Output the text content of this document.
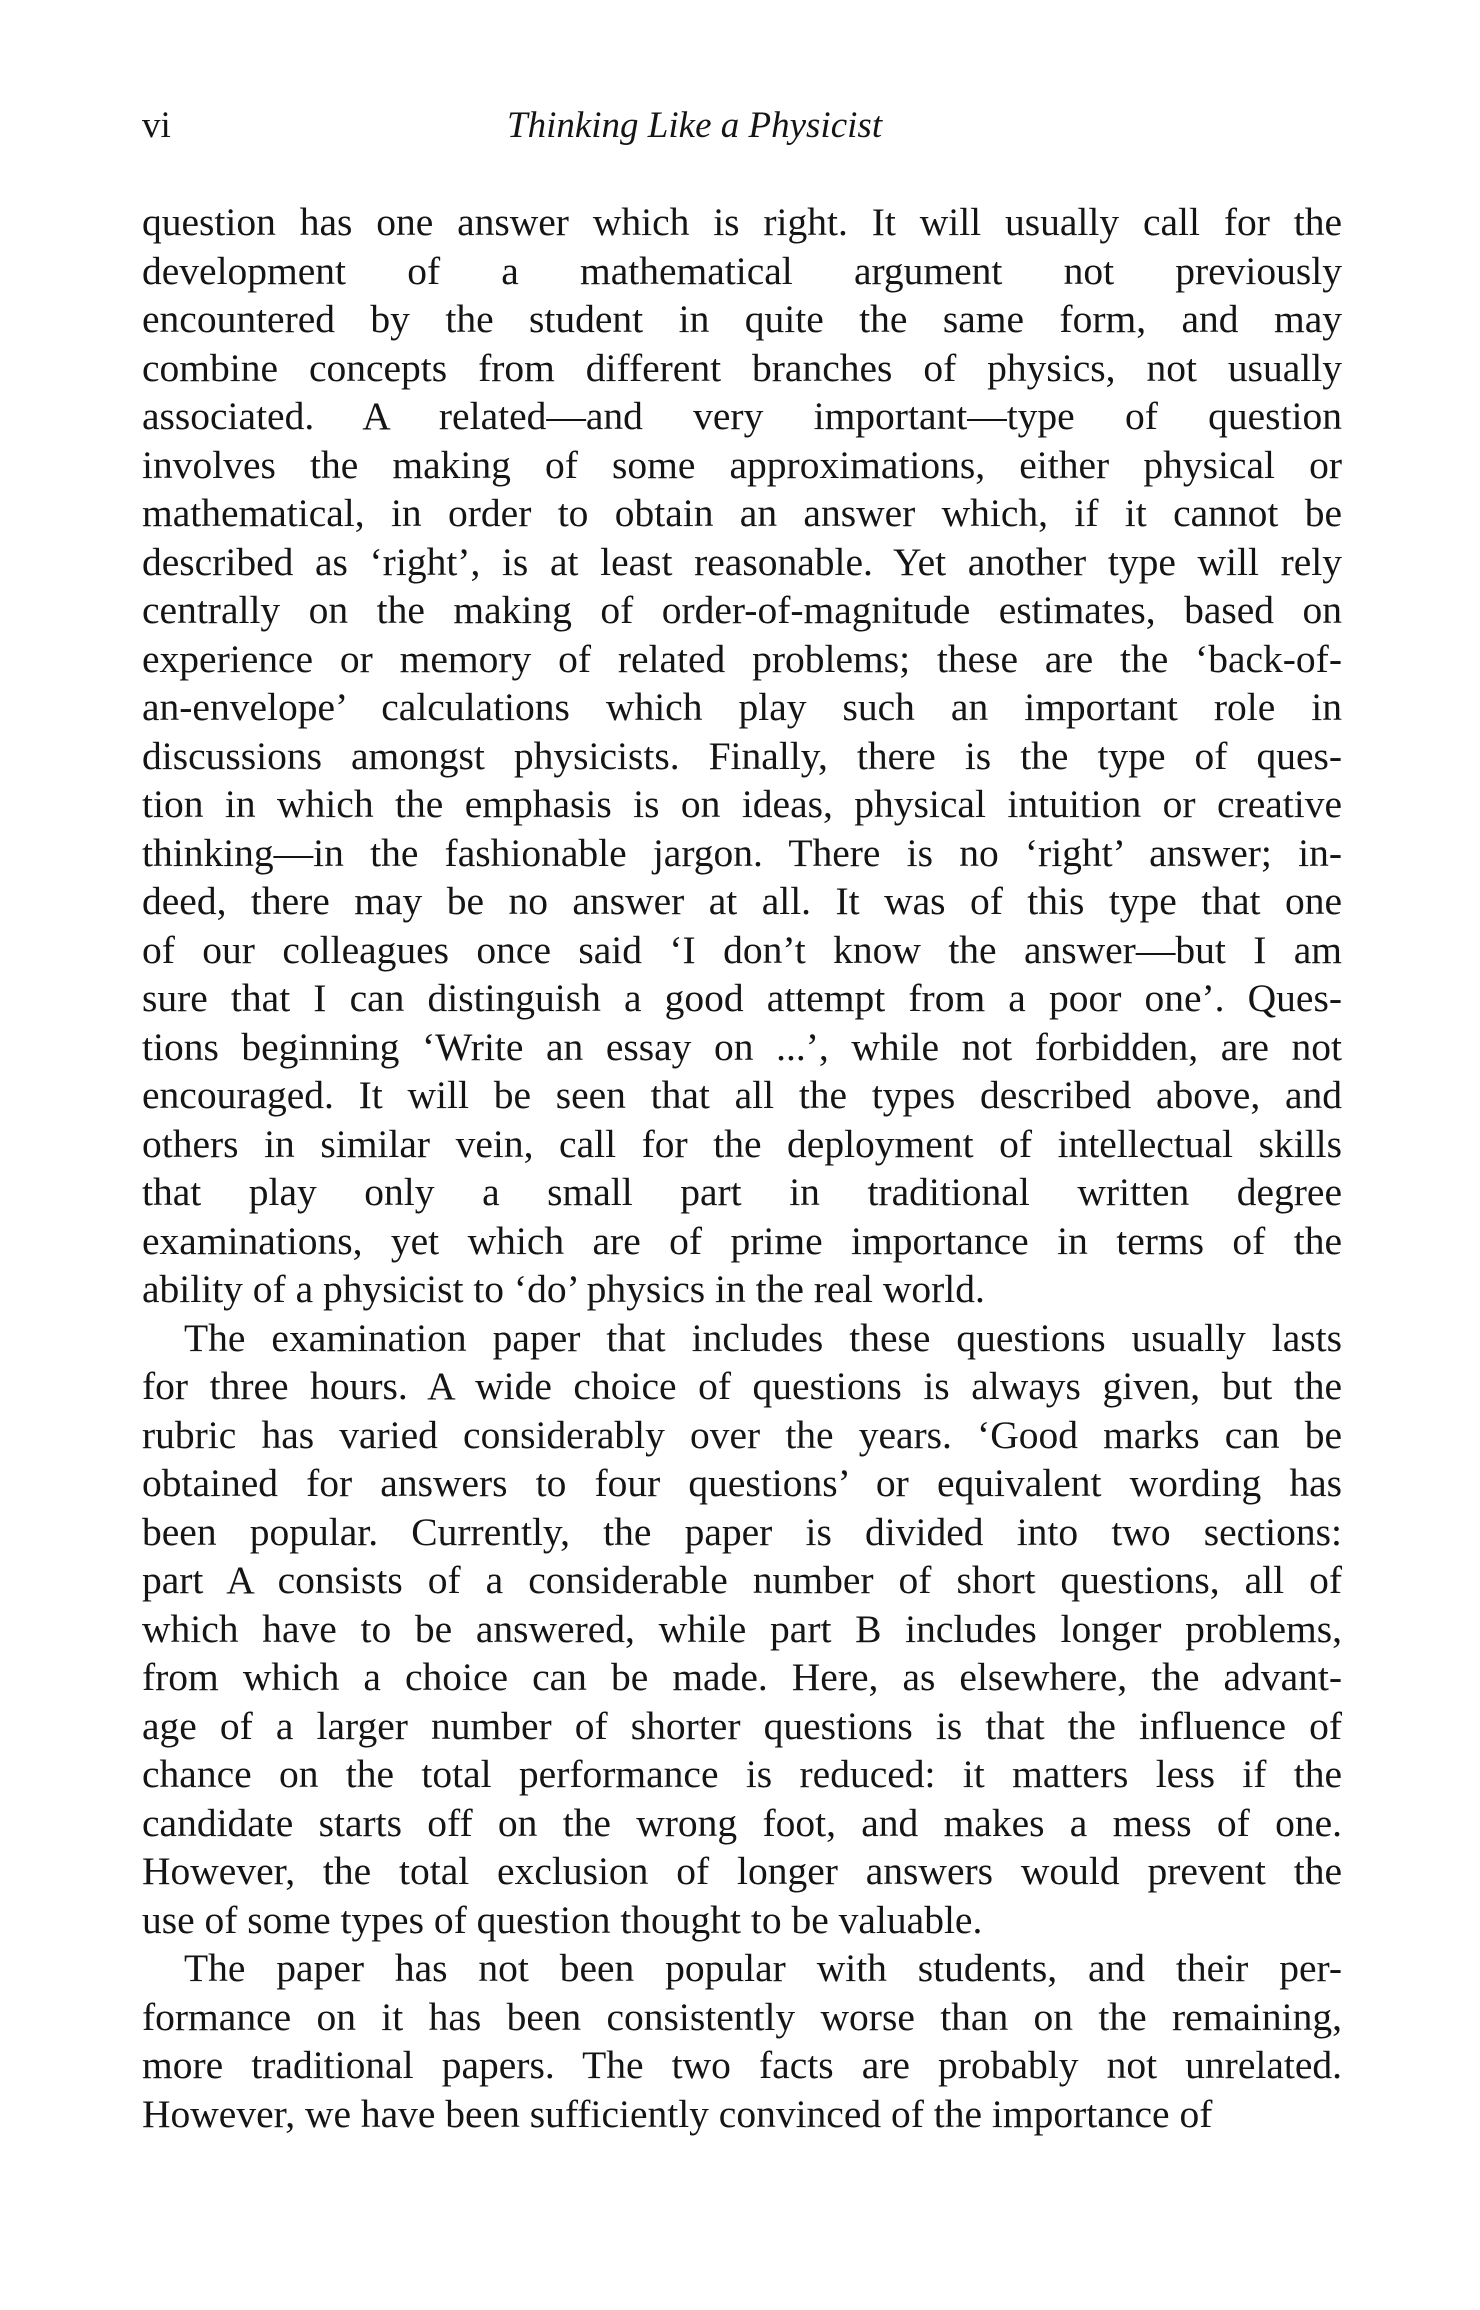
vi	Thinking Like a Physicist
question has one answer which is right. It will usually call for the
development of a mathematical argument not previously
encountered by the student in quite the same form, and may
combine concepts from different branches of physics, not usually
associated. A related—and very important—type of question
involves the making of some approximations, either physical or
mathematical, in order to obtain an answer which, if it cannot be
described as ‘right’, is at least reasonable. Yet another type will rely
centrally on the making of order-of-magnitude estimates, based on
experience or memory of related problems; these are the ‘back-of-
an-envelope’ calculations which play such an important role in
discussions amongst physicists. Finally, there is the type of ques-
tion in which the emphasis is on ideas, physical intuition or creative
thinking—in the fashionable jargon. There is no ‘right’ answer; in-
deed, there may be no answer at all. It was of this type that one
of our colleagues once said ‘I don’t know the answer—but I am
sure that I can distinguish a good attempt from a poor one’. Ques-
tions beginning ‘Write an essay on ...’, while not forbidden, are not
encouraged. It will be seen that all the types described above, and
others in similar vein, call for the deployment of intellectual skills
that play only a small part in traditional written degree
examinations, yet which are of prime importance in terms of the
ability of a physicist to ‘do’ physics in the real world.
The examination paper that includes these questions usually lasts
for three hours. A wide choice of questions is always given, but the
rubric has varied considerably over the years. ‘Good marks can be
obtained for answers to four questions’ or equivalent wording has
been popular. Currently, the paper is divided into two sections:
part A consists of a considerable number of short questions, all of
which have to be answered, while part B includes longer problems,
from which a choice can be made. Here, as elsewhere, the advant-
age of a larger number of shorter questions is that the influence of
chance on the total performance is reduced: it matters less if the
candidate starts off on the wrong foot, and makes a mess of one.
However, the total exclusion of longer answers would prevent the
use of some types of question thought to be valuable.
The paper has not been popular with students, and their per-
formance on it has been consistently worse than on the remaining,
more traditional papers. The two facts are probably not unrelated.
However, we have been sufficiently convinced of the importance of
